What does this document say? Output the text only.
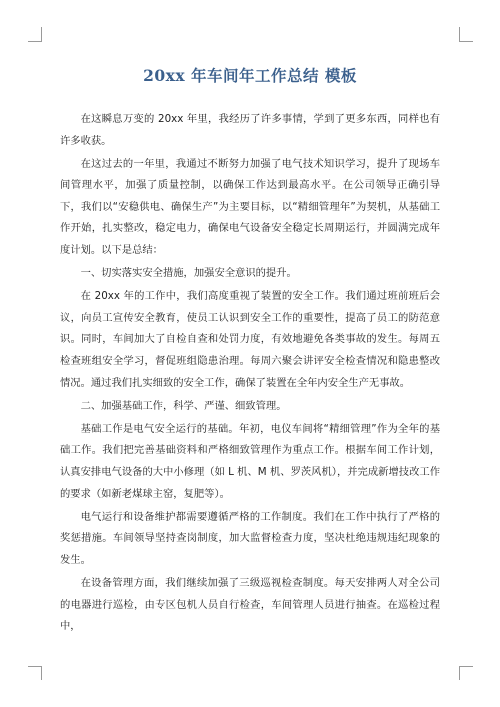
20xx 年车间年工作总结 模板

在这瞬息万变的 20xx 年里，我经历了许多事情，学到了更多东西，同样也有许多收获。

在这过去的一年里，我通过不断努力加强了电气技术知识学习，提升了现场车间管理水平，加强了质量控制，以确保工作达到最高水平。在公司领导正确引导下，我们以“安稳供电、确保生产”为主要目标，以“精细管理年”为契机，从基础工作开始，扎实整改，稳定电力，确保电气设备安全稳定长周期运行，并圆满完成年度计划。以下是总结：

一、切实落实安全措施，加强安全意识的提升。

在 20xx 年的工作中，我们高度重视了装置的安全工作。我们通过班前班后会议，向员工宣传安全教育，使员工认识到安全工作的重要性，提高了员工的防范意识。同时，车间加大了自检自查和处罚力度，有效地避免各类事故的发生。每周五检查班组安全学习，督促班组隐患治理。每周六聚会讲评安全检查情况和隐患整改情况。通过我们扎实细致的安全工作，确保了装置在全年内安全生产无事故。

二、加强基础工作，科学、严谨、细致管理。

基础工作是电气安全运行的基础。年初，电仪车间将“精细管理”作为全年的基础工作。我们把完善基础资料和严格细致管理作为重点工作。根据车间工作计划，认真安排电气设备的大中小修理（如 L 机、M 机、罗茨风机），并完成新增技改工作的要求（如新老煤球主窑，复肥等）。

电气运行和设备维护都需要遵循严格的工作制度。我们在工作中执行了严格的奖惩措施。车间领导坚持查岗制度，加大监督检查力度，坚决杜绝违规违纪现象的发生。

在设备管理方面，我们继续加强了三级巡视检查制度。每天安排两人对全公司的电器进行巡检，由专区包机人员自行检查，车间管理人员进行抽查。在巡检过程中，
